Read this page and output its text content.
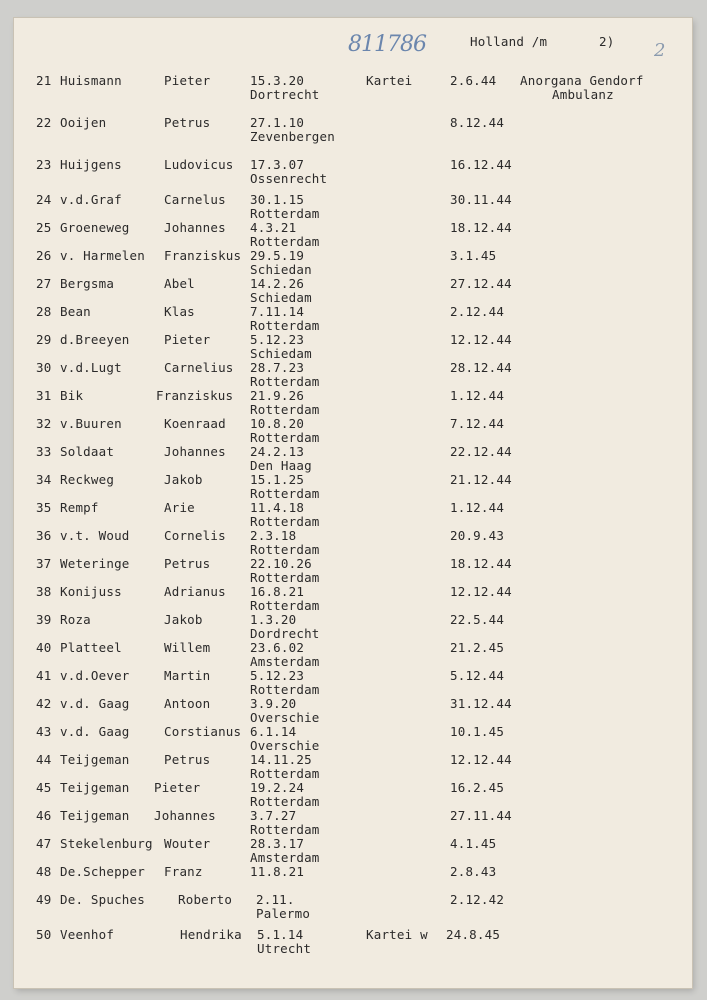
811786	Holland /m	2) 2
21 Huismann	Pieter	15.3.20
Dortrecht
Kartei	2.6.44 Anorgana Gendorf
Ambulanz
22 Ooijen	Petrus	27.1.10
Zevenbergen
8.12.44
23 Huijgens	Ludovicus 17.3.07
Ossenrecht
16.12.44
24 v.d.Graf	Carnelus 30.1.15
Rotterdam
30.11.44
25 Groeneweg	Johannes 4.3.21
Rotterdam
18.12.44
26 v. Harmelen Franziskus 29.5.19
Schiedan
3.1.45
27 Bergsma	Abel	14.2.26
Schiedam
27.12.44
28 Bean	Klas	7.11.14
Rotterdam
2.12.44
29 d.Breeyen	Pieter	5.12.23
Schiedam
12.12.44
30 v.d.Lugt	Carnelius 28.7.23
Rotterdam
28.12.44
31 Bik	Franziskus 21.9.26
Rotterdam
1.12.44
32 v.Buuren	Koenraad 10.8.20
Rotterdam
7.12.44
33 Soldaat	Johannes 24.2.13
Den Haag
22.12.44
34 Reckweg	Jakob	15.1.25
Rotterdam
21.12.44
35 Rempf	Arie	11.4.18
Rotterdam
1.12.44
36 v.t. Woud	Cornelis 2.3.18
Rotterdam
20.9.43
37 Weteringe	Petrus	22.10.26
Rotterdam
18.12.44
38 Konijuss	Adrianus 16.8.21
Rotterdam
12.12.44
39 Roza	Jakob	1.3.20
Dordrecht
22.5.44
40 Platteel	Willem	23.6.02
Amsterdam
21.2.45
41 v.d.Oever	Martin	5.12.23
Rotterdam
5.12.44
42 v.d. Gaag	Antoon	3.9.20
Overschie
31.12.44
43 v.d. Gaag	Corstianus 6.1.14
Overschie
10.1.45
44 Teijgeman	Petrus	14.11.25
Rotterdam
12.12.44
45 Teijgeman Pieter	19.2.24
Rotterdam
16.2.45
46 Teijgeman Johannes	3.7.27
Rotterdam
27.11.44
47 Stekelenburg Wouter	28.3.17
Amsterdam
4.1.45
48 De.Schepper Franz	11.8.21	2.8.43
49 De. Spuches	Roberto 2.11.
Palermo
2.12.42
50 Veenhof	Hendrika 5.1.14
Utrecht
Kartei w 24.8.45
